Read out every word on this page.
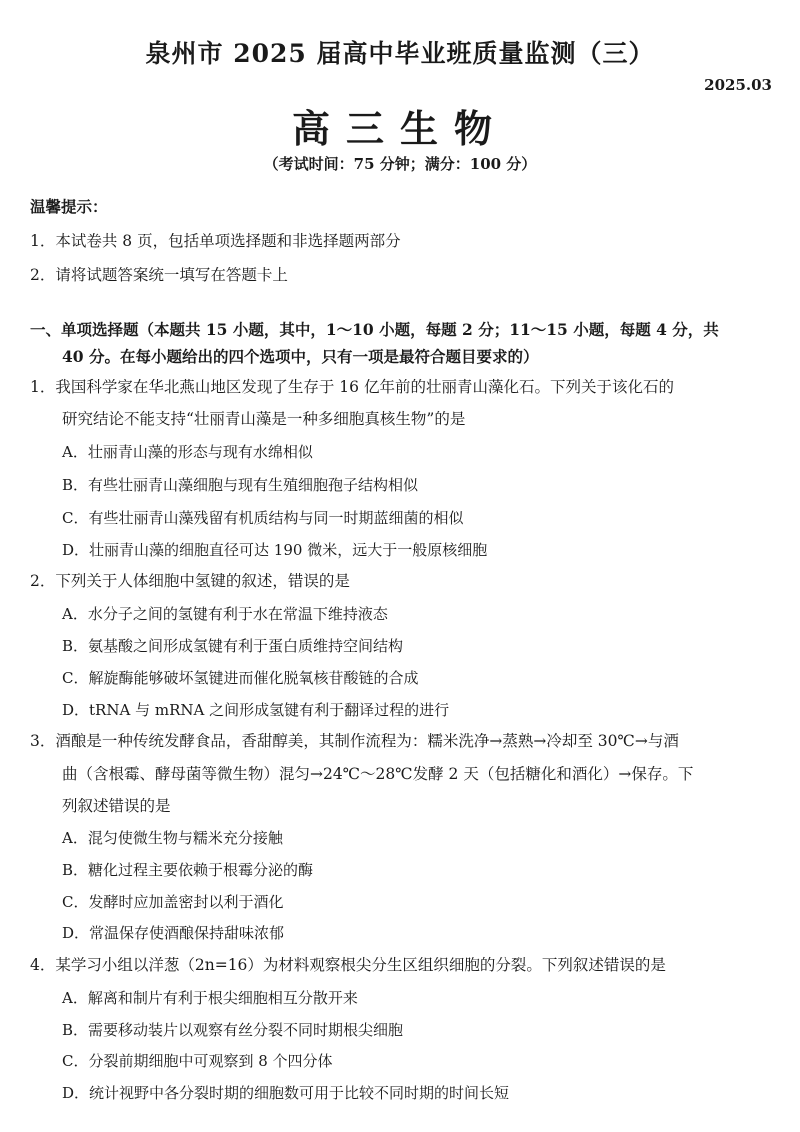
泉州市 2025 届高中毕业班质量监测（三）
2025.03
高三生物
（考试时间：75 分钟；满分：100 分）
温馨提示：
1．本试卷共 8 页，包括单项选择题和非选择题两部分
2．请将试题答案统一填写在答题卡上
一、单项选择题（本题共 15 小题，其中，1～10 小题，每题 2 分；11～15 小题，每题 4 分，共
40 分。在每小题给出的四个选项中，只有一项是最符合题目要求的）
1．我国科学家在华北燕山地区发现了生存于 16 亿年前的壮丽青山藻化石。下列关于该化石的
研究结论不能支持“壮丽青山藻是一种多细胞真核生物”的是
A．壮丽青山藻的形态与现有水绵相似
B．有些壮丽青山藻细胞与现有生殖细胞孢子结构相似
C．有些壮丽青山藻残留有机质结构与同一时期蓝细菌的相似
D．壮丽青山藻的细胞直径可达 190 微米，远大于一般原核细胞
2．下列关于人体细胞中氢键的叙述，错误的是
A．水分子之间的氢键有利于水在常温下维持液态
B．氨基酸之间形成氢键有利于蛋白质维持空间结构
C．解旋酶能够破坏氢键进而催化脱氧核苷酸链的合成
D．tRNA 与 mRNA 之间形成氢键有利于翻译过程的进行
3．酒酿是一种传统发酵食品，香甜醇美，其制作流程为：糯米洗净→蒸熟→冷却至 30℃→与酒
曲（含根霉、酵母菌等微生物）混匀→24℃～28℃发酵 2 天（包括糖化和酒化）→保存。下
列叙述错误的是
A．混匀使微生物与糯米充分接触
B．糖化过程主要依赖于根霉分泌的酶
C．发酵时应加盖密封以利于酒化
D．常温保存使酒酿保持甜味浓郁
4．某学习小组以洋葱（2n=16）为材料观察根尖分生区组织细胞的分裂。下列叙述错误的是
A．解离和制片有利于根尖细胞相互分散开来
B．需要移动装片以观察有丝分裂不同时期根尖细胞
C．分裂前期细胞中可观察到 8 个四分体
D．统计视野中各分裂时期的细胞数可用于比较不同时期的时间长短
